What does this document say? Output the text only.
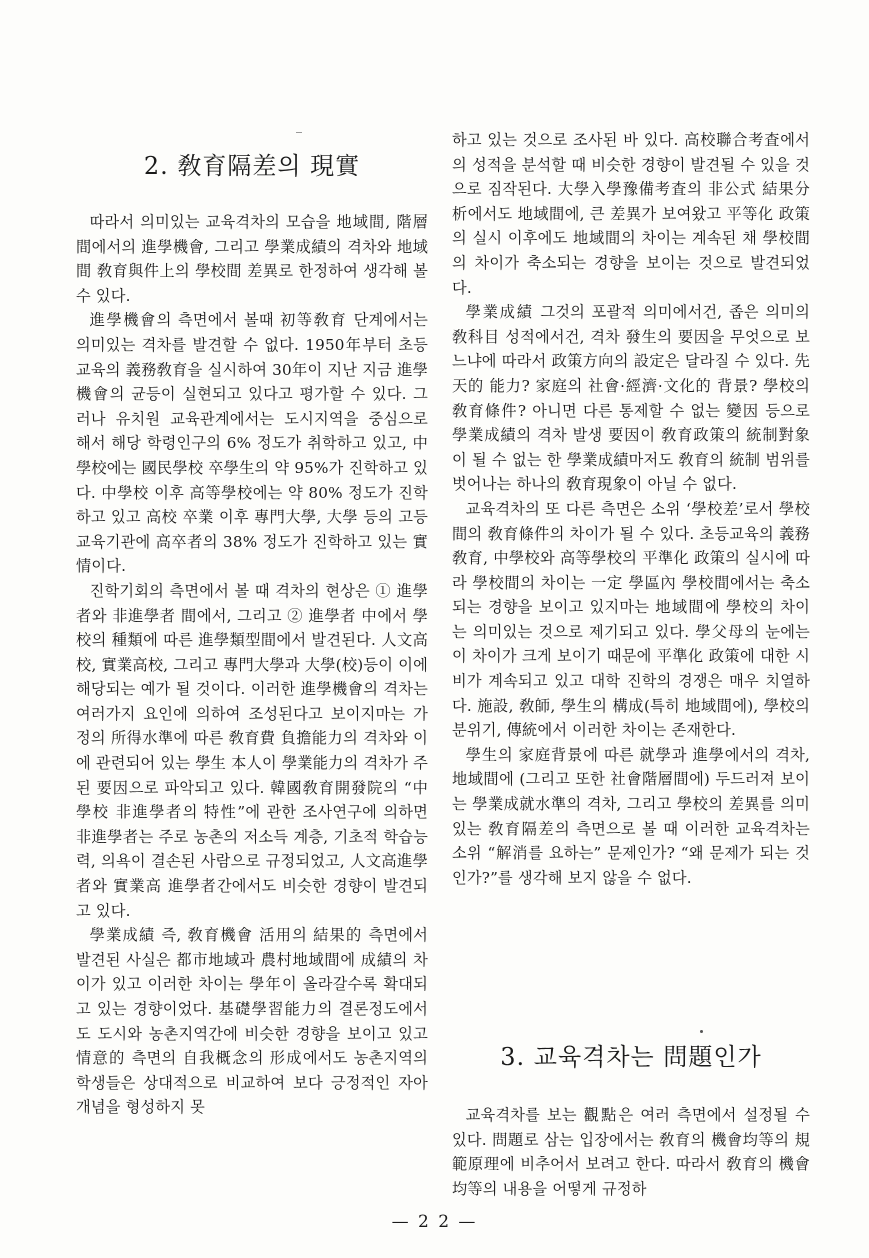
2. 敎育隔差의 現實

따라서 의미있는 교육격차의 모습을 地域間, 階層間에서의 進學機會, 그리고 學業成績의 격차와 地域間 敎育與件上의 學校間 差異로 한정하여 생각해 볼 수 있다.

進學機會의 측면에서 볼때 初等敎育 단계에서는 의미있는 격차를 발견할 수 없다. 1950年부터 초등교육의 義務敎育을 실시하여 30年이 지난 지금 進學機會의 균등이 실현되고 있다고 평가할 수 있다. 그러나 유치원 교육관계에서는 도시지역을 중심으로 해서 해당 학령인구의 6% 정도가 취학하고 있고, 中學校에는 國民學校 卒學生의 약 95%가 진학하고 있다. 中學校 이후 高等學校에는 약 80% 정도가 진학하고 있고 高校 卒業 이후 專門大學, 大學 등의 고등교육기관에 高卒者의 38% 정도가 진학하고 있는 實情이다.

진학기회의 측면에서 볼 때 격차의 현상은 ① 進學者와 非進學者 間에서, 그리고 ② 進學者 中에서 學校의 種類에 따른 進學類型間에서 발견된다. 人文高校, 實業高校, 그리고 專門大學과 大學(校)등이 이에 해당되는 예가 될 것이다. 이러한 進學機會의 격차는 여러가지 요인에 의하여 조성된다고 보이지마는 가정의 所得水準에 따른 敎育費 負擔能力의 격차와 이에 관련되어 있는 學生 本人이 學業能力의 격차가 주된 要因으로 파악되고 있다. 韓國敎育開發院의 “中學校 非進學者의 特性”에 관한 조사연구에 의하면 非進學者는 주로 농촌의 저소득 계층, 기초적 학습능력, 의욕이 결손된 사람으로 규정되었고, 人文高進學者와 實業高 進學者간에서도 비슷한 경향이 발견되고 있다.

學業成績 즉, 敎育機會 活用의 結果的 측면에서 발견된 사실은 都市地域과 農村地域間에 成績의 차이가 있고 이러한 차이는 學年이 올라갈수록 확대되고 있는 경향이었다. 基礎學習能力의 결론정도에서도 도시와 농촌지역간에 비슷한 경향을 보이고 있고 情意的 측면의 自我概念의 形成에서도 농촌지역의 학생들은 상대적으로 비교하여 보다 긍정적인 자아개념을 형성하지 못

하고 있는 것으로 조사된 바 있다. 高校聯合考査에서의 성적을 분석할 때 비슷한 경향이 발견될 수 있을 것으로 짐작된다. 大學入學豫備考査의 非公式 結果分析에서도 地域間에, 큰 差異가 보여왔고 平等化 政策의 실시 이후에도 地域間의 차이는 계속된 채 學校間의 차이가 축소되는 경향을 보이는 것으로 발견되었다.

學業成績 그것의 포괄적 의미에서건, 좁은 의미의 敎科目 성적에서건, 격차 發生의 要因을 무엇으로 보느냐에 따라서 政策方向의 設定은 달라질 수 있다. 先天的 能力? 家庭의 社會·經濟·文化的 背景? 學校의 敎育條件? 아니면 다른 통제할 수 없는 變因 등으로 學業成績의 격차 발생 要因이 敎育政策의 統制對象이 될 수 없는 한 學業成績마저도 敎育의 統制 범위를 벗어나는 하나의 敎育現象이 아닐 수 없다.

교육격차의 또 다른 측면은 소위 ‘學校差’로서 學校間의 敎育條件의 차이가 될 수 있다. 초등교육의 義務敎育, 中學校와 高等學校의 平準化 政策의 실시에 따라 學校間의 차이는 一定 學區內 學校間에서는 축소되는 경향을 보이고 있지마는 地域間에 學校의 차이는 의미있는 것으로 제기되고 있다. 學父母의 눈에는 이 차이가 크게 보이기 때문에 平準化 政策에 대한 시비가 계속되고 있고 대학 진학의 경쟁은 매우 치열하다. 施設, 敎師, 學生의 構成(특히 地域間에), 學校의 분위기, 傳統에서 이러한 차이는 존재한다.

學生의 家庭背景에 따른 就學과 進學에서의 격차, 地域間에 (그리고 또한 社會階層間에) 두드러져 보이는 學業成就水準의 격차, 그리고 學校의 差異를 의미있는 敎育隔差의 측면으로 볼 때 이러한 교육격차는 소위 “解消를 요하는” 문제인가? “왜 문제가 되는 것인가?”를 생각해 보지 않을 수 없다.

3. 교육격차는 問題인가

교육격차를 보는 觀點은 여러 측면에서 설정될 수 있다. 問題로 삼는 입장에서는 敎育의 機會均等의 規範原理에 비추어서 보려고 한다. 따라서 敎育의 機會均等의 내용을 어떻게 규정하

— 2 2 —
